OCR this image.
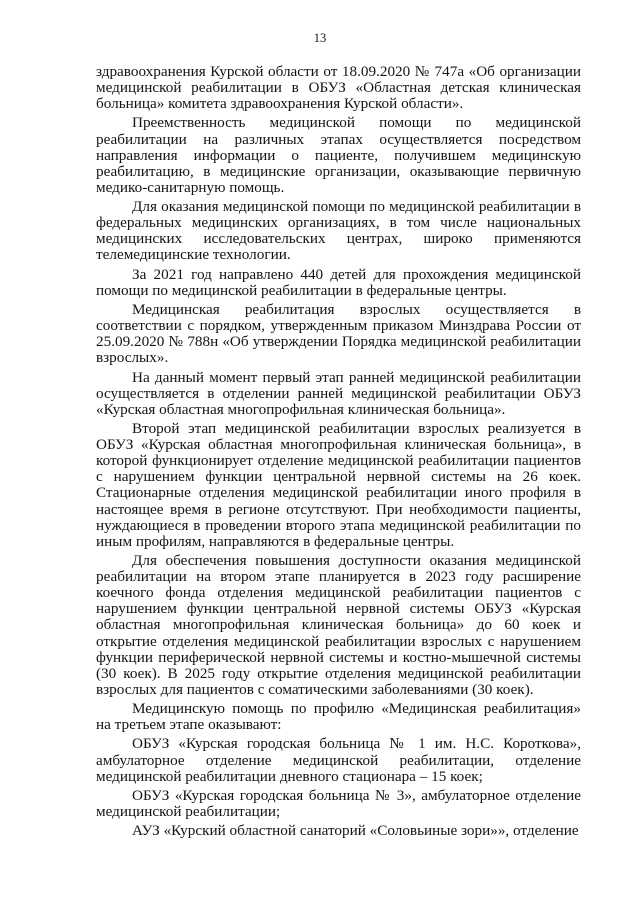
13

здравоохранения Курской области от 18.09.2020 № 747а «Об организации медицинской реабилитации в ОБУЗ «Областная детская клиническая больница» комитета здравоохранения Курской области».

Преемственность медицинской помощи по медицинской реабилитации на различных этапах осуществляется посредством направления информации о пациенте, получившем медицинскую реабилитацию, в медицинские организации, оказывающие первичную медико-санитарную помощь.

Для оказания медицинской помощи по медицинской реабилитации в федеральных медицинских организациях, в том числе национальных медицинских исследовательских центрах, широко применяются телемедицинские технологии.

За 2021 год направлено 440 детей для прохождения медицинской помощи по медицинской реабилитации в федеральные центры.

Медицинская реабилитация взрослых осуществляется в соответствии с порядком, утвержденным приказом Минздрава России от 25.09.2020 № 788н «Об утверждении Порядка медицинской реабилитации взрослых».

На данный момент первый этап ранней медицинской реабилитации осуществляется в отделении ранней медицинской реабилитации ОБУЗ «Курская областная многопрофильная клиническая больница».

Второй этап медицинской реабилитации взрослых реализуется в ОБУЗ «Курская областная многопрофильная клиническая больница», в которой функционирует отделение медицинской реабилитации пациентов с нарушением функции центральной нервной системы на 26 коек. Стационарные отделения медицинской реабилитации иного профиля в настоящее время в регионе отсутствуют. При необходимости пациенты, нуждающиеся в проведении второго этапа медицинской реабилитации по иным профилям, направляются в федеральные центры.

Для обеспечения повышения доступности оказания медицинской реабилитации на втором этапе планируется в 2023 году расширение коечного фонда отделения медицинской реабилитации пациентов с нарушением функции центральной нервной системы ОБУЗ «Курская областная многопрофильная клиническая больница» до 60 коек и открытие отделения медицинской реабилитации взрослых с нарушением функции периферической нервной системы и костно-мышечной системы (30 коек). В 2025 году открытие отделения медицинской реабилитации взрослых для пациентов с соматическими заболеваниями (30 коек).

Медицинскую помощь по профилю «Медицинская реабилитация» на третьем этапе оказывают:

ОБУЗ «Курская городская больница № 1 им. Н.С. Короткова», амбулаторное отделение медицинской реабилитации, отделение медицинской реабилитации дневного стационара – 15 коек;

ОБУЗ «Курская городская больница № 3», амбулаторное отделение медицинской реабилитации;

АУЗ «Курский областной санаторий «Соловьиные зори»», отделение
